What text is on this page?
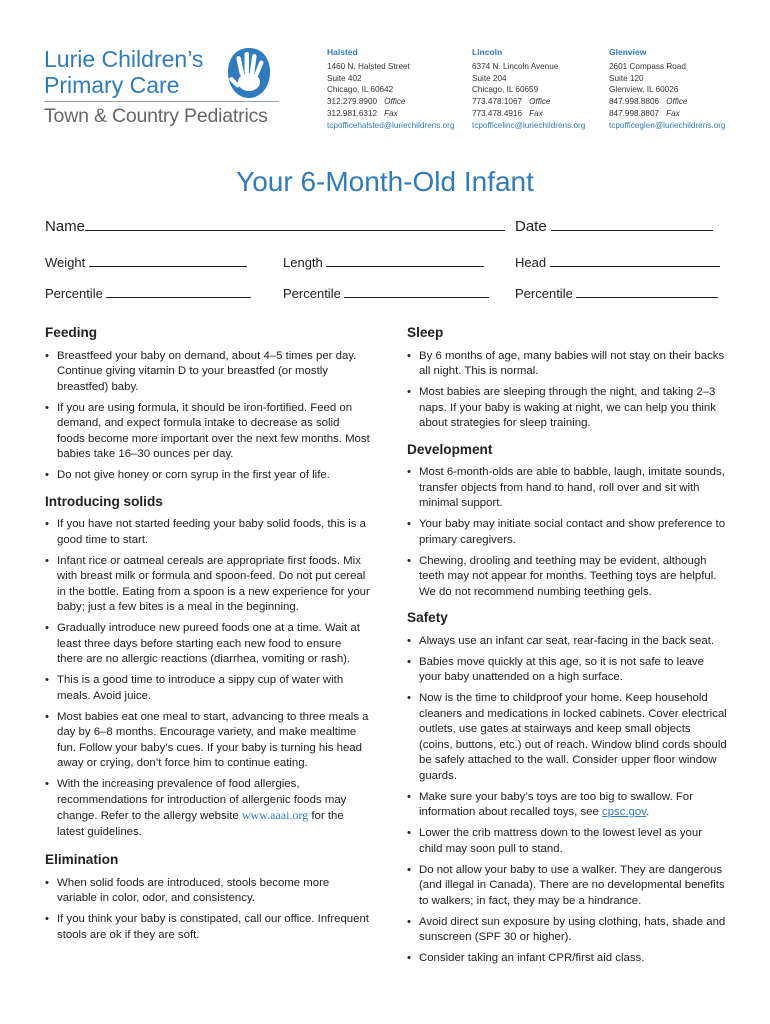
Lurie Children’s
Primary Care
Town & Country Pediatrics
Halsted
1460 N. Halsted Street
Suite 402
Chicago, IL 60642
312.279.8900 Office
312.981.6312 Fax
tcpofficehalsted@luriechildrens.org
Lincoln
6374 N. Lincoln Avenue
Suite 204
Chicago, IL 60659
773.478.1067 Office
773.478.4916 Fax
tcpofficelinc@luriechildrens.org
Glenview
2601 Compass Road
Suite 120
Glenview, IL 60026
847.998.8806 Office
847.998.8807 Fax
tcpofficeglen@luriechildrens.org
Your 6-Month-Old Infant
Name	Date
Weight	Length	Head
Percentile	Percentile	Percentile
Feeding
• Breastfeed your baby on demand, about 4–5 times per day. Continue giving vitamin D to your breastfed (or mostly breastfed) baby.
• If you are using formula, it should be iron-fortified. Feed on demand, and expect formula intake to decrease as solid foods become more important over the next few months. Most babies take 16–30 ounces per day.
• Do not give honey or corn syrup in the first year of life.
Introducing solids
• If you have not started feeding your baby solid foods, this is a good time to start.
• Infant rice or oatmeal cereals are appropriate first foods. Mix with breast milk or formula and spoon-feed. Do not put cereal in the bottle. Eating from a spoon is a new experience for your baby; just a few bites is a meal in the beginning.
• Gradually introduce new pureed foods one at a time. Wait at least three days before starting each new food to ensure there are no allergic reactions (diarrhea, vomiting or rash).
• This is a good time to introduce a sippy cup of water with meals. Avoid juice.
• Most babies eat one meal to start, advancing to three meals a day by 6–8 months. Encourage variety, and make mealtime fun. Follow your baby’s cues. If your baby is turning his head away or crying, don’t force him to continue eating.
• With the increasing prevalence of food allergies, recommendations for introduction of allergenic foods may change. Refer to the allergy website www.aaai.org for the latest guidelines.
Elimination
• When solid foods are introduced, stools become more variable in color, odor, and consistency.
• If you think your baby is constipated, call our office. Infrequent stools are ok if they are soft.
Sleep
• By 6 months of age, many babies will not stay on their backs all night. This is normal.
• Most babies are sleeping through the night, and taking 2–3 naps. If your baby is waking at night, we can help you think about strategies for sleep training.
Development
• Most 6-month-olds are able to babble, laugh, imitate sounds, transfer objects from hand to hand, roll over and sit with minimal support.
• Your baby may initiate social contact and show preference to primary caregivers.
• Chewing, drooling and teething may be evident, although teeth may not appear for months. Teething toys are helpful. We do not recommend numbing teething gels.
Safety
• Always use an infant car seat, rear-facing in the back seat.
• Babies move quickly at this age, so it is not safe to leave your baby unattended on a high surface.
• Now is the time to childproof your home. Keep household cleaners and medications in locked cabinets. Cover electrical outlets, use gates at stairways and keep small objects (coins, buttons, etc.) out of reach. Window blind cords should be safely attached to the wall. Consider upper floor window guards.
• Make sure your baby’s toys are too big to swallow. For information about recalled toys, see cpsc.gov.
• Lower the crib mattress down to the lowest level as your child may soon pull to stand.
• Do not allow your baby to use a walker. They are dangerous (and illegal in Canada). There are no developmental benefits to walkers; in fact, they may be a hindrance.
• Avoid direct sun exposure by using clothing, hats, shade and sunscreen (SPF 30 or higher).
• Consider taking an infant CPR/first aid class.
